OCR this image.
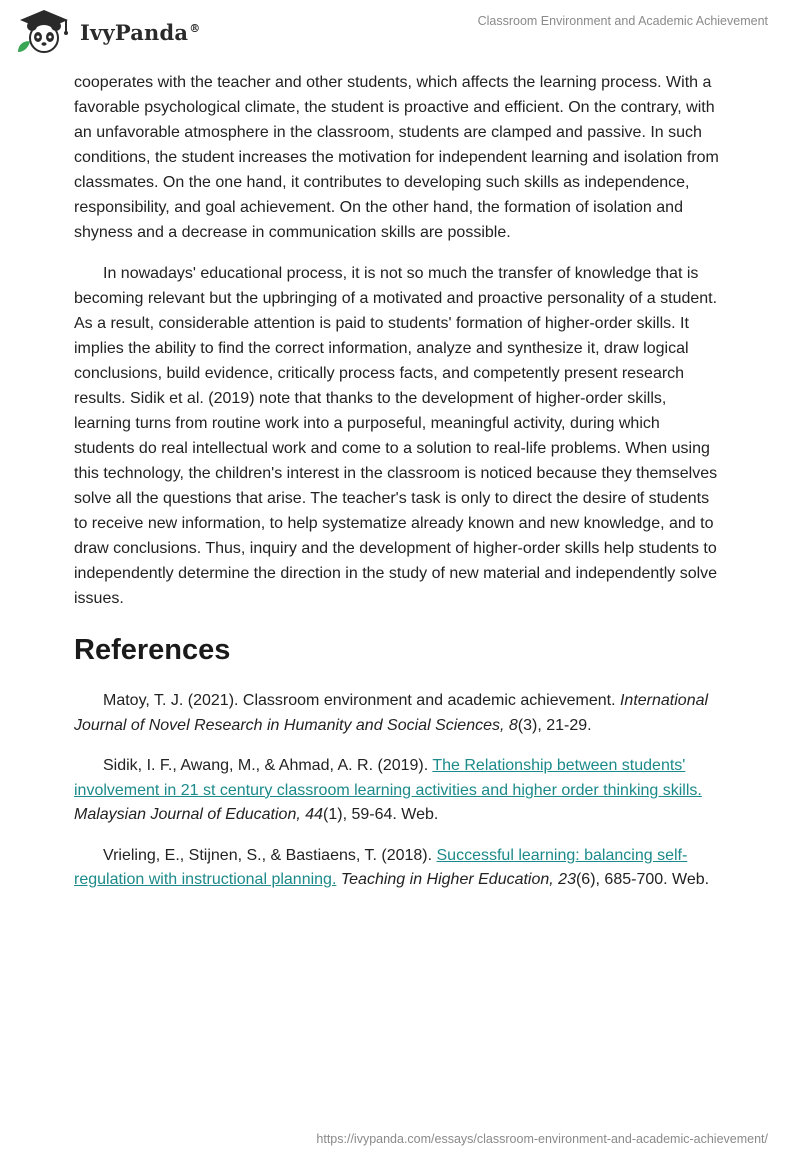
IvyPanda®	Classroom Environment and Academic Achievement

cooperates with the teacher and other students, which affects the learning process. With a favorable psychological climate, the student is proactive and efficient. On the contrary, with an unfavorable atmosphere in the classroom, students are clamped and passive. In such conditions, the student increases the motivation for independent learning and isolation from classmates. On the one hand, it contributes to developing such skills as independence, responsibility, and goal achievement. On the other hand, the formation of isolation and shyness and a decrease in communication skills are possible.

In nowadays' educational process, it is not so much the transfer of knowledge that is becoming relevant but the upbringing of a motivated and proactive personality of a student. As a result, considerable attention is paid to students' formation of higher-order skills. It implies the ability to find the correct information, analyze and synthesize it, draw logical conclusions, build evidence, critically process facts, and competently present research results. Sidik et al. (2019) note that thanks to the development of higher-order skills, learning turns from routine work into a purposeful, meaningful activity, during which students do real intellectual work and come to a solution to real-life problems. When using this technology, the children's interest in the classroom is noticed because they themselves solve all the questions that arise. The teacher's task is only to direct the desire of students to receive new information, to help systematize already known and new knowledge, and to draw conclusions. Thus, inquiry and the development of higher-order skills help students to independently determine the direction in the study of new material and independently solve issues.

References

Matoy, T. J. (2021). Classroom environment and academic achievement. International Journal of Novel Research in Humanity and Social Sciences, 8(3), 21-29.

Sidik, I. F., Awang, M., & Ahmad, A. R. (2019). The Relationship between students' involvement in 21 st century classroom learning activities and higher order thinking skills. Malaysian Journal of Education, 44(1), 59-64. Web.

Vrieling, E., Stijnen, S., & Bastiaens, T. (2018). Successful learning: balancing self-regulation with instructional planning. Teaching in Higher Education, 23(6), 685-700. Web.

https://ivypanda.com/essays/classroom-environment-and-academic-achievement/
